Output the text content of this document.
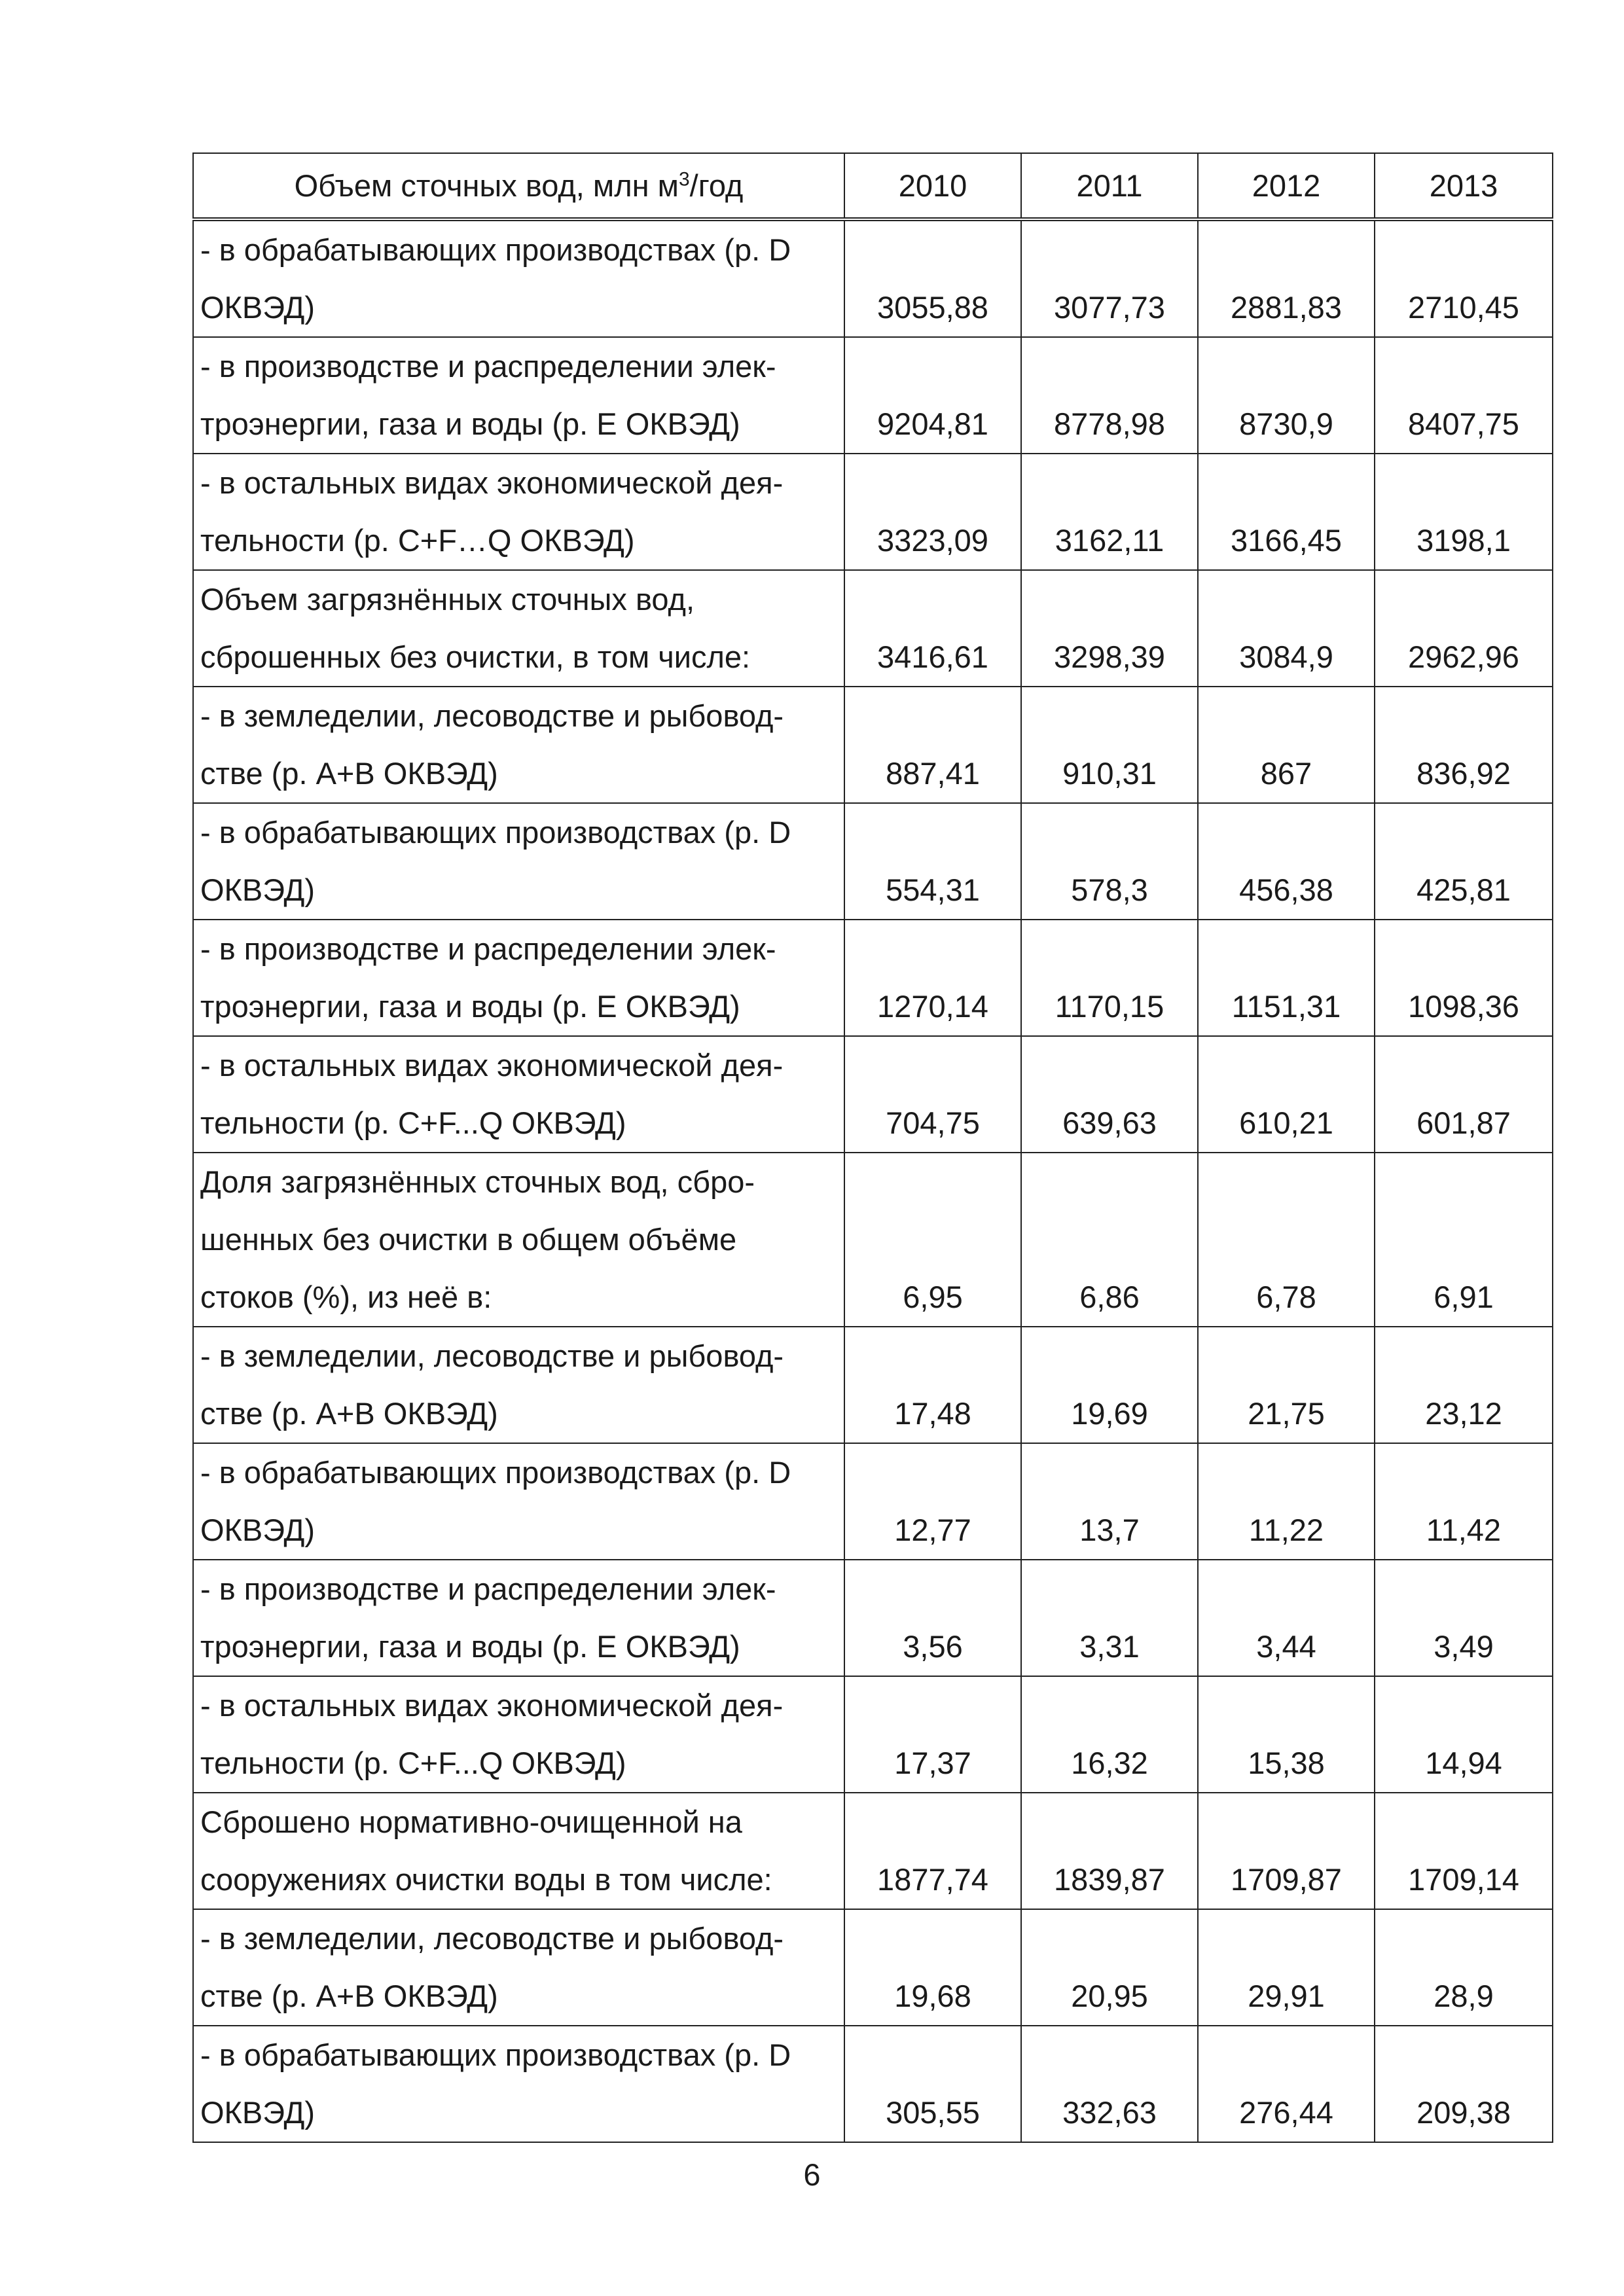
Объем сточных вод, млн $м^3$/год	2010	2011	2012	2013
- в обрабатывающих производствах (р. D
ОКВЭД)	3055,88	3077,73	2881,83	2710,45
- в производстве и распределении элек-
троэнергии, газа и воды (р. Е ОКВЭД)	9204,81	8778,98	8730,9	8407,75
- в остальных видах экономической дея-
тельности (р. С+F…Q ОКВЭД)	3323,09	3162,11	3166,45	3198,1
Объем загрязнённых сточных вод,
сброшенных без очистки, в том числе:	3416,61	3298,39	3084,9	2962,96
- в земледелии, лесоводстве и рыбовод-
стве (р. А+В ОКВЭД)	887,41	910,31	867	836,92
- в обрабатывающих производствах (р. D
ОКВЭД)	554,31	578,3	456,38	425,81
- в производстве и распределении элек-
троэнергии, газа и воды (р. Е ОКВЭД)	1270,14	1170,15	1151,31	1098,36
- в остальных видах экономической дея-
тельности (р. С+F...Q ОКВЭД)	704,75	639,63	610,21	601,87
Доля загрязнённых сточных вод, сбро-
шенных без очистки в общем объёме
стоков (%), из неё в:	6,95	6,86	6,78	6,91
- в земледелии, лесоводстве и рыбовод-
стве (р. А+В ОКВЭД)	17,48	19,69	21,75	23,12
- в обрабатывающих производствах (р. D
ОКВЭД)	12,77	13,7	11,22	11,42
- в производстве и распределении элек-
троэнергии, газа и воды (р. Е ОКВЭД)	3,56	3,31	3,44	3,49
- в остальных видах экономической дея-
тельности (р. С+F...Q ОКВЭД)	17,37	16,32	15,38	14,94
Сброшено нормативно-очищенной на
сооружениях очистки воды в том числе:	1877,74	1839,87	1709,87	1709,14
- в земледелии, лесоводстве и рыбовод-
стве (р. А+В ОКВЭД)	19,68	20,95	29,91	28,9
- в обрабатывающих производствах (р. D
ОКВЭД)	305,55	332,63	276,44	209,38
6
